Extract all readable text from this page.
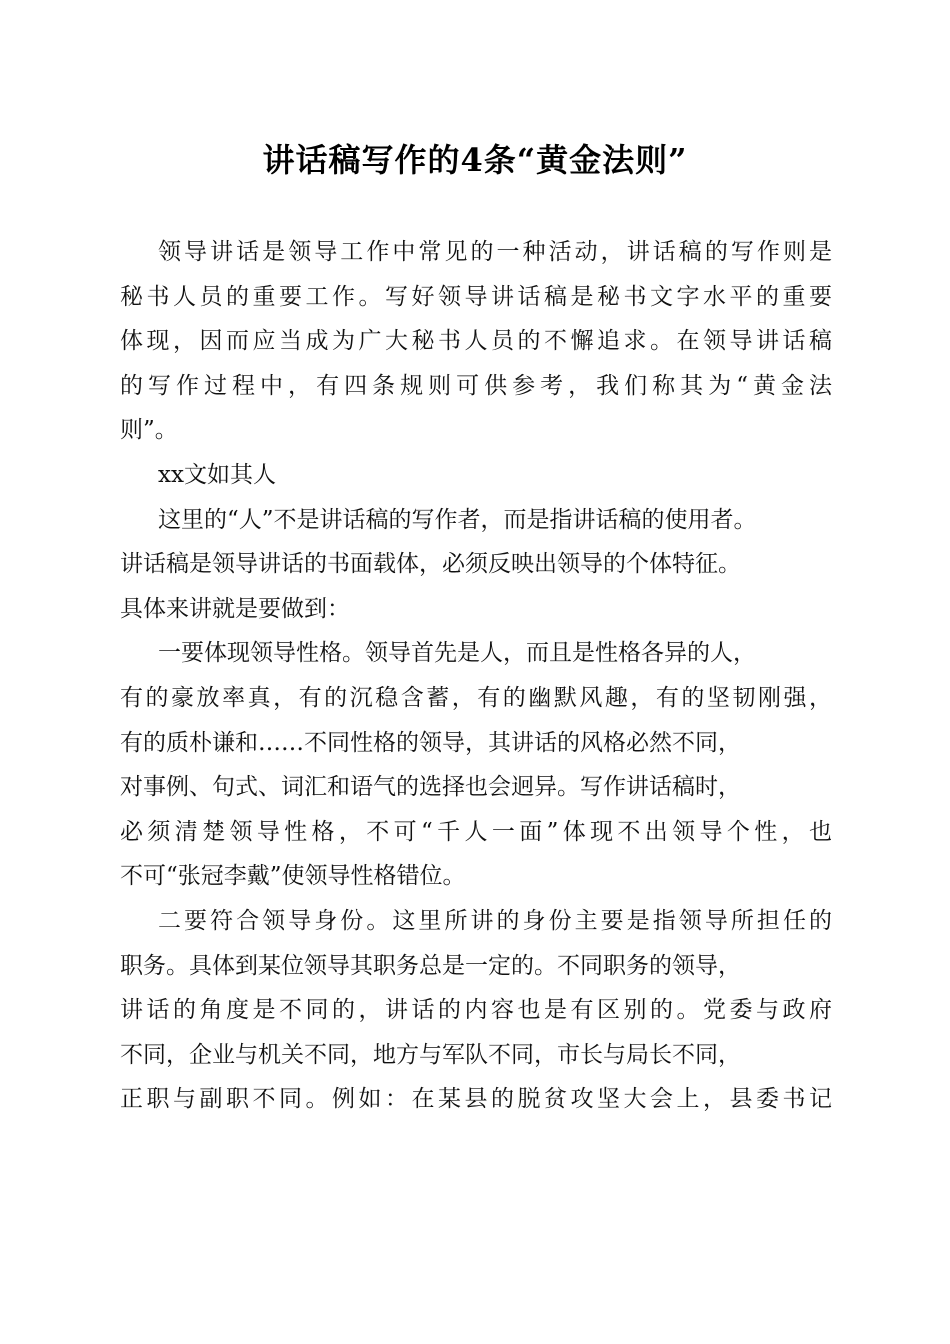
讲话稿写作的4条“黄金法则”
领导讲话是领导工作中常见的一种活动，讲话稿的写作则是
秘书人员的重要工作。写好领导讲话稿是秘书文字水平的重要
体现，因而应当成为广大秘书人员的不懈追求。在领导讲话稿
的写作过程中，有四条规则可供参考，我们称其为“黄金法
则”。
xx文如其人
这里的“人”不是讲话稿的写作者，而是指讲话稿的使用者。
讲话稿是领导讲话的书面载体，必须反映出领导的个体特征。
具体来讲就是要做到：
一要体现领导性格。领导首先是人，而且是性格各异的人，
有的豪放率真，有的沉稳含蓄，有的幽默风趣，有的坚韧刚强，
有的质朴谦和……不同性格的领导，其讲话的风格必然不同，
对事例、句式、词汇和语气的选择也会迥异。写作讲话稿时，
必须清楚领导性格，不可“千人一面”体现不出领导个性，也
不可“张冠李戴”使领导性格错位。
二要符合领导身份。这里所讲的身份主要是指领导所担任的
职务。具体到某位领导其职务总是一定的。不同职务的领导，
讲话的角度是不同的，讲话的内容也是有区别的。党委与政府
不同，企业与机关不同，地方与军队不同，市长与局长不同，
正职与副职不同。例如：在某县的脱贫攻坚大会上，县委书记
